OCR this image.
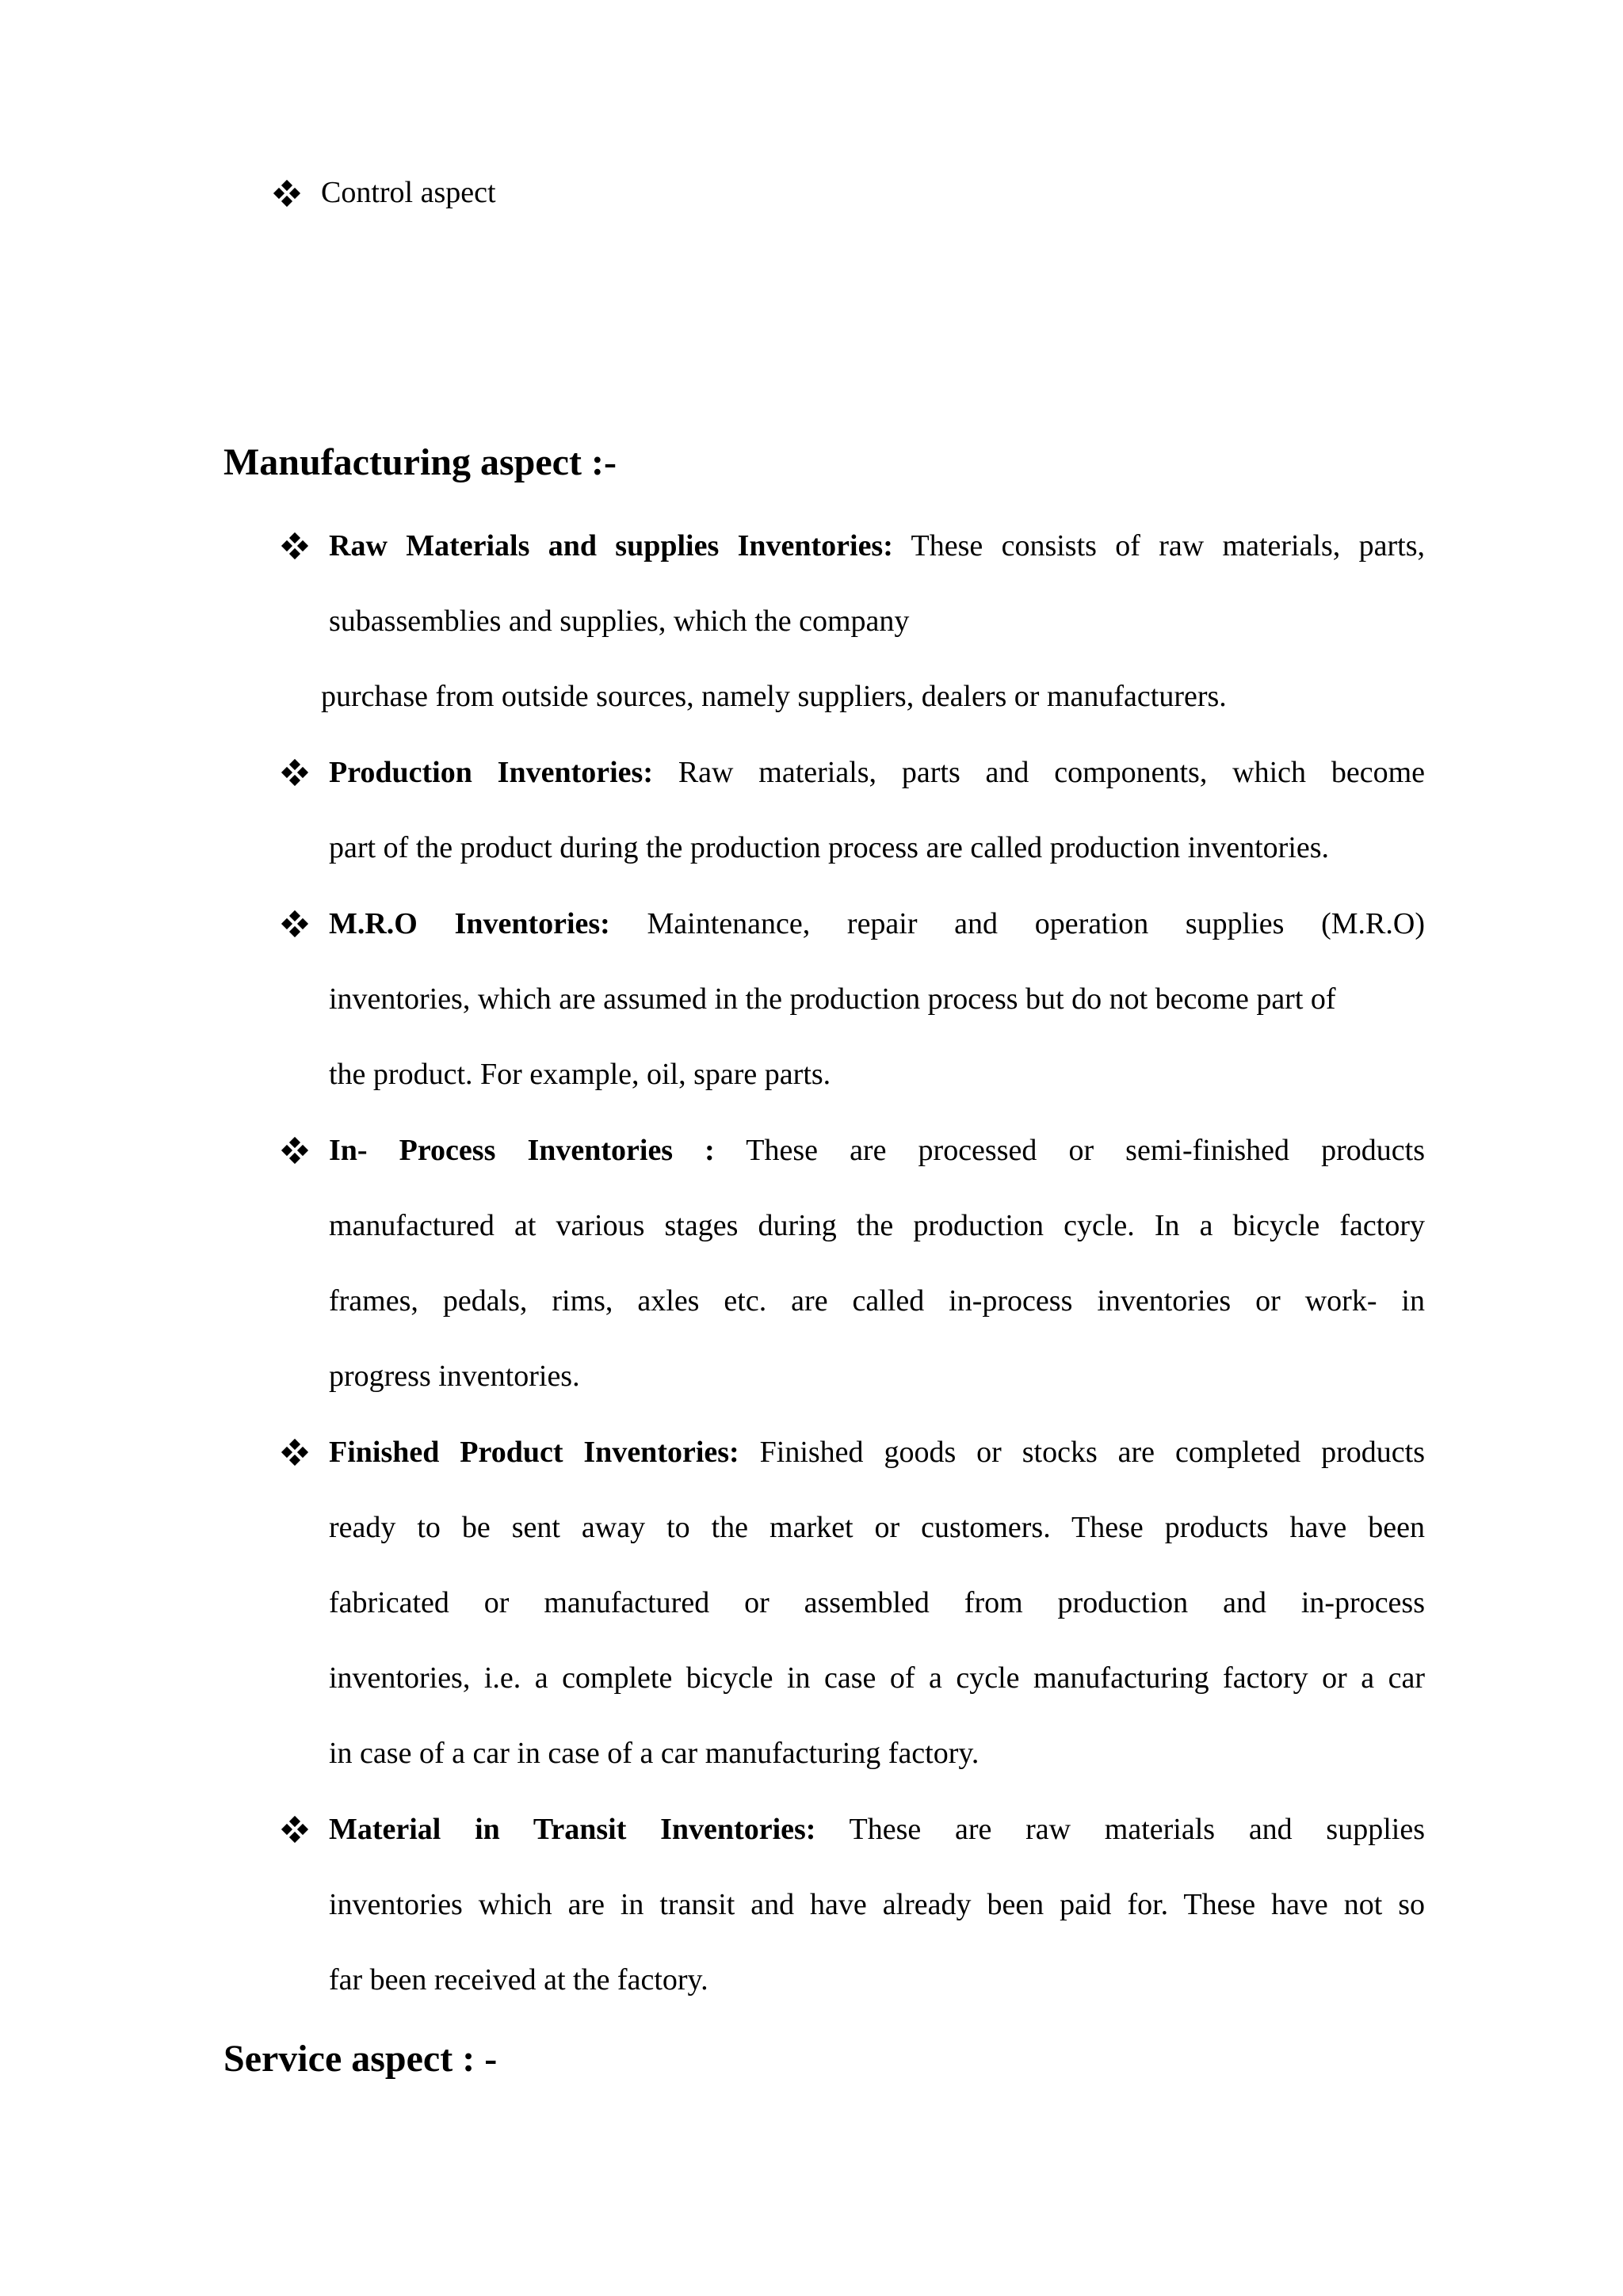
Control aspect
Manufacturing aspect :-
Raw Materials and supplies Inventories: These consists of raw materials, parts,
subassemblies and supplies, which the company
purchase from outside sources, namely suppliers, dealers or manufacturers.
Production Inventories: Raw materials, parts and components, which become
part of the product during the production process are called production inventories.
M.R.O Inventories: Maintenance, repair and operation supplies (M.R.O)
inventories, which are assumed in the production process but do not become part of
the product. For example, oil, spare parts.
In- Process Inventories : These are processed or semi-finished products
manufactured at various stages during the production cycle. In a bicycle factory
frames, pedals, rims, axles etc. are called in-process inventories or work- in
progress inventories.
Finished Product Inventories: Finished goods or stocks are completed products
ready to be sent away to the market or customers. These products have been
fabricated or manufactured or assembled from production and in-process
inventories, i.e. a complete bicycle in case of a cycle manufacturing factory or a car
in case of a car in case of a car manufacturing factory.
Material in Transit Inventories: These are raw materials and supplies
inventories which are in transit and have already been paid for. These have not so
far been received at the factory.
Service aspect : -
